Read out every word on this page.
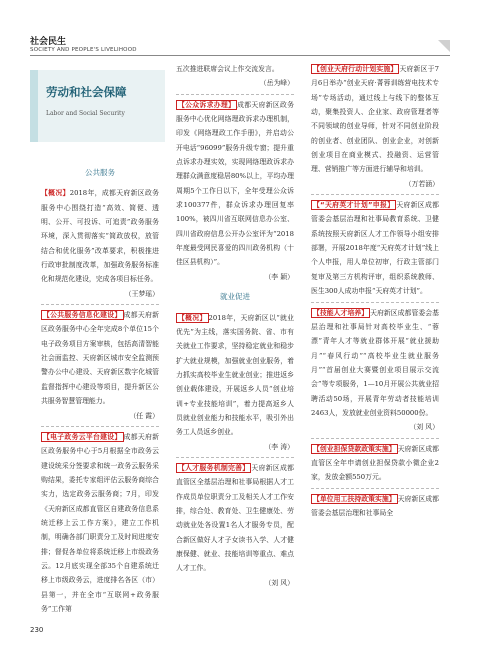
社会民生
SOCIETY AND PEOPLE'S LIVELIHOOD
劳动和社会保障
Labor and Social Security
公共服务

【概况】2018年，成都天府新区政务服务中心围绕打造“高效、简便、透明、公开、可投诉、可追责”政务服务环境，深入贯彻落实“简政放权，放管结合和优化服务”改革要求，积极推进行政审批制度改革，加强政务服务标准化和规范化建设，完成各项目标任务。

（王梦瑶）

【公共服务信息化建设】 成都天府新区政务服务中心全年完成8个单位15个电子政务项目方案审核，包括高清智能社会面监控、天府新区城市安全监测预警办公中心建设、天府新区数字化城管监督指挥中心建设等项目，提升新区公共服务智慧管理能力。

（任 霞）

【电子政务云平台建设】 成都天府新区政务服务中心于5月根据全市政务云建设统采分签要求和统一政务云服务采购结果，委托专家组评估云服务商综合实力，选定政务云服务商；7月，印发《天府新区成都直管区自建政务信息系统迁移上云工作方案》，建立工作机制，明确各部门职责分工及时间进度安排；督促各单位将系统迁移上市级政务云。12月底实现全部35个自建系统迁移上市级政务云，进度排名各区（市）县第一，并在全市“互联网+政务服务”工作第

五次推进联席会议上作交流发言。

（岳为峰）

【公众诉求办理】 成都天府新区政务服务中心优化网络理政诉求办理机制，印发《网络理政工作手册》，并启动公开电话“96099”服务升级专窗；提升重点诉求办理实效，实现网络理政诉求办理群众满意度稳居80%以上，平均办理周期5个工作日以下，全年受理公众诉求100377件，群众诉求办理回复率100%，被四川省互联网信息办公室、四川省政府信息公开办公室评为“2018年度最受网民喜爱的四川政务机构（十佳区县机构）”。

（李 颖）
就业促进

【概况】 2018年，天府新区以“就业优先”为主线，落实国务院、省、市有关就业工作要求，坚持稳定就业和稳步扩大就业规模，加强就业创业服务，着力抓实高校毕业生就业创业；推进返乡创业载体建设，开展返乡人员“创业培训+专业技能培训”，着力提高返乡人员就业创业能力和技能水平，吸引外出务工人员返乡创业。

（李 涛）

【人才服务机制完善】 天府新区成都直管区全基层治理和社事局根据人才工作成员单位职责分工及相关人才工作安排，综合处、教育处、卫生健康处、劳动就业处各设置1名人才服务专员，配合新区做好人才子女读书入学、人才健康保健、就业、技能培训等重点、难点人才工作。

（刘 风）

【创业天府行动计划实施】 天府新区于7月6日举办“创业天府·菁蓉训练营电技术专场”专场活动，通过线上与线下的整体互动，聚集投资人、企业家、政府管理者等不同领域的创业导师，针对不同创业阶段的创业者、创业团队、创业企业，对创新创业项目在商业模式、投融资、运营管理、营销推广等方面进行辅导和培训。

（万若涵）

【“天府英才计划”申报】 天府新区成都管委会基层治理和社事局教育系统、卫健系统按照天府新区人才工作领导小组安排部署，开展2018年度“天府英才计划”线上个人申报，用人单位初审，行政主管部门复审及第三方机构评审，组织系统教师、医生300人成功申报“天府英才计划”。

【技能人才培养】 天府新区成都管委会基层治理和社事局针对高校毕业生、“蓉漂”青年人才等就业群体开展“就业援助月”“春风行动”“高校毕业生就业服务月”“首届创业大赛暨创业项目展示交流会”等专项服务，1—10月开展公共就业招聘活动50场，开展青年劳动者技能培训2463人，发放就业创业资料50000份。

（刘 风）

【创业担保贷款政策实施】 天府新区成都直管区全年申请创业担保贷款小微企业2家，发放金额550万元。

【单位用工扶持政策实施】 天府新区成都管委会基层治理和社事局全

230
